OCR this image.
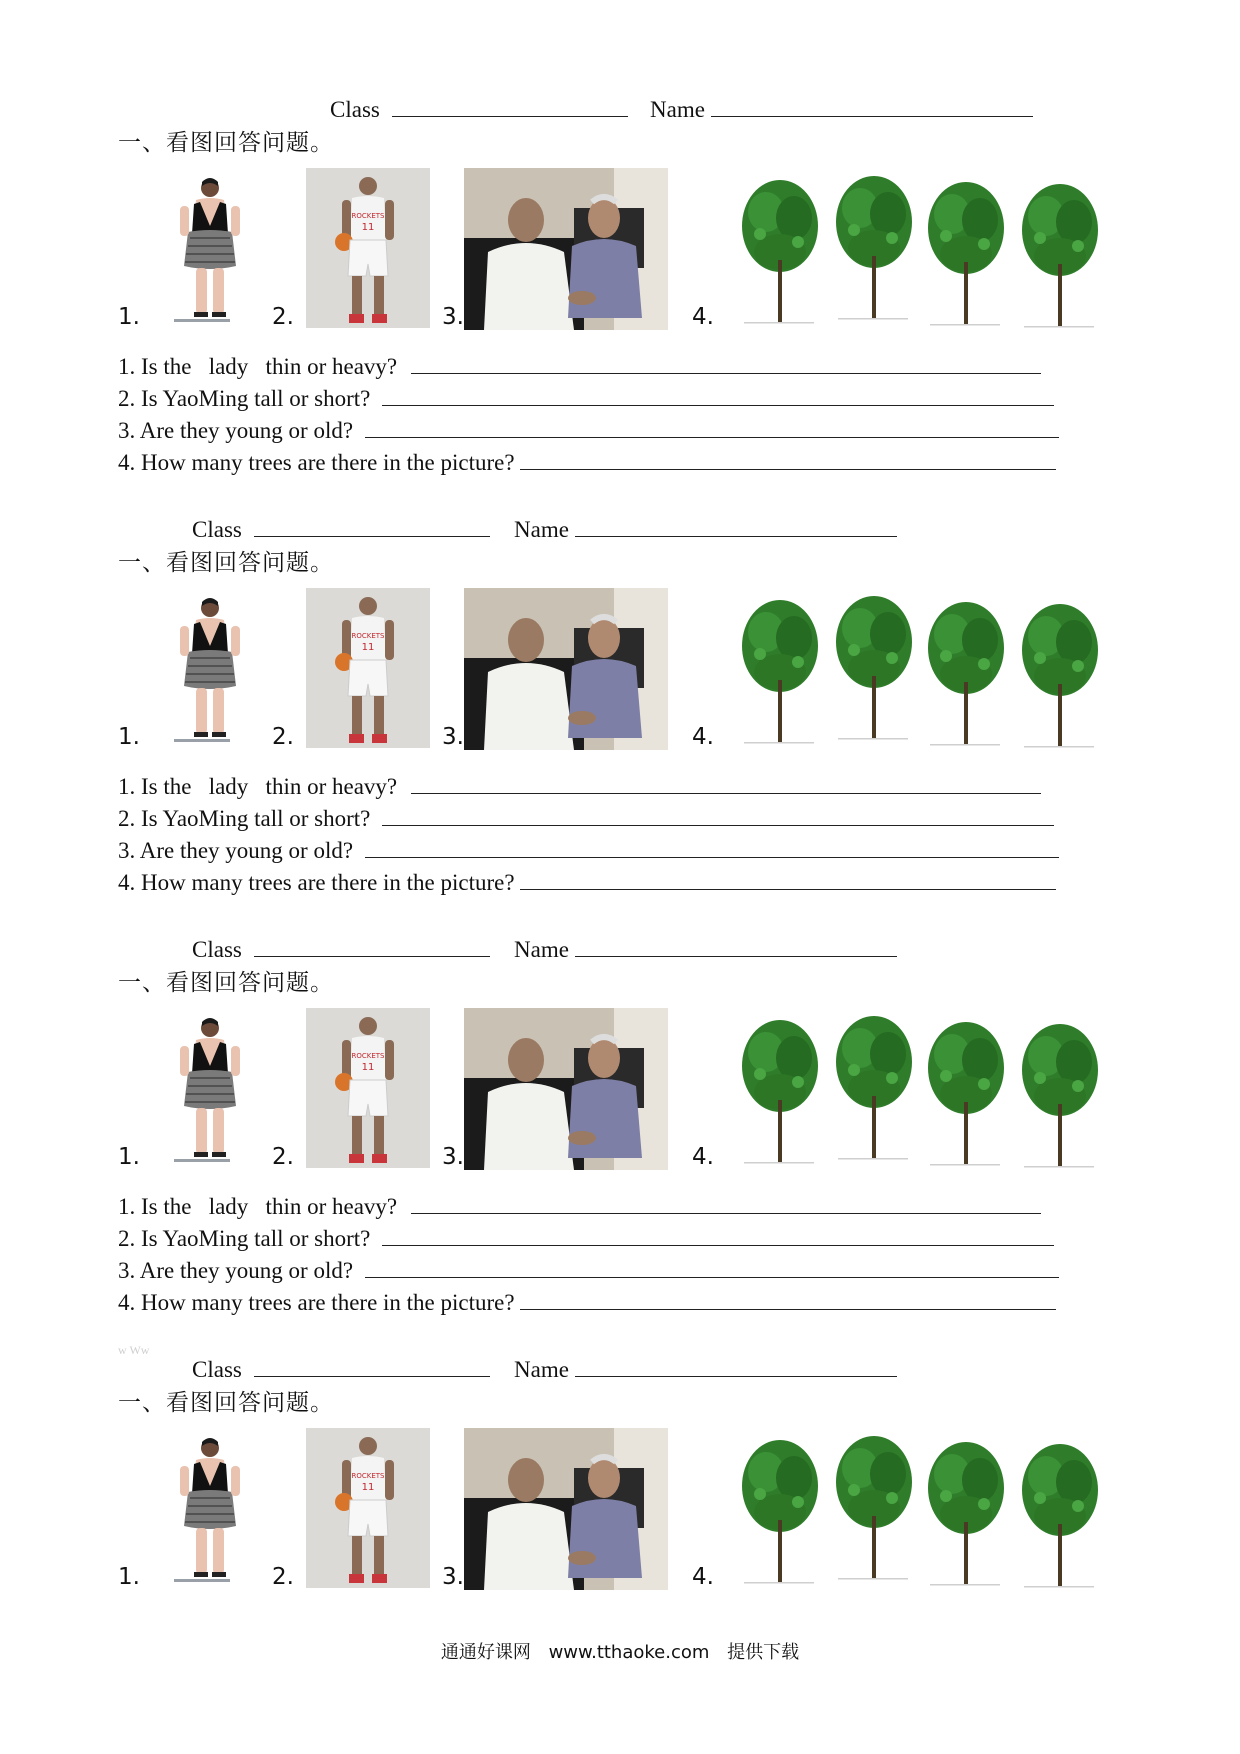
Class	Name
一、看图回答问题。
1.	2.	3.	4.
1. Is the   lady   thin or heavy?
2. Is YaoMing tall or short?
3. Are they young or old?
4. How many trees are there in the picture?
Class	Name
一、看图回答问题。
1.	2.	3.	4.
1. Is the   lady   thin or heavy?
2. Is YaoMing tall or short?
3. Are they young or old?
4. How many trees are there in the picture?
Class	Name
一、看图回答问题。
1.	2.	3.	4.
1. Is the   lady   thin or heavy?
2. Is YaoMing tall or short?
3. Are they young or old?
4. How many trees are there in the picture?
w Ww
Class	Name
一、看图回答问题。
1.	2.	3.	4.
通通好课网 www.tthaoke.com 提供下载
